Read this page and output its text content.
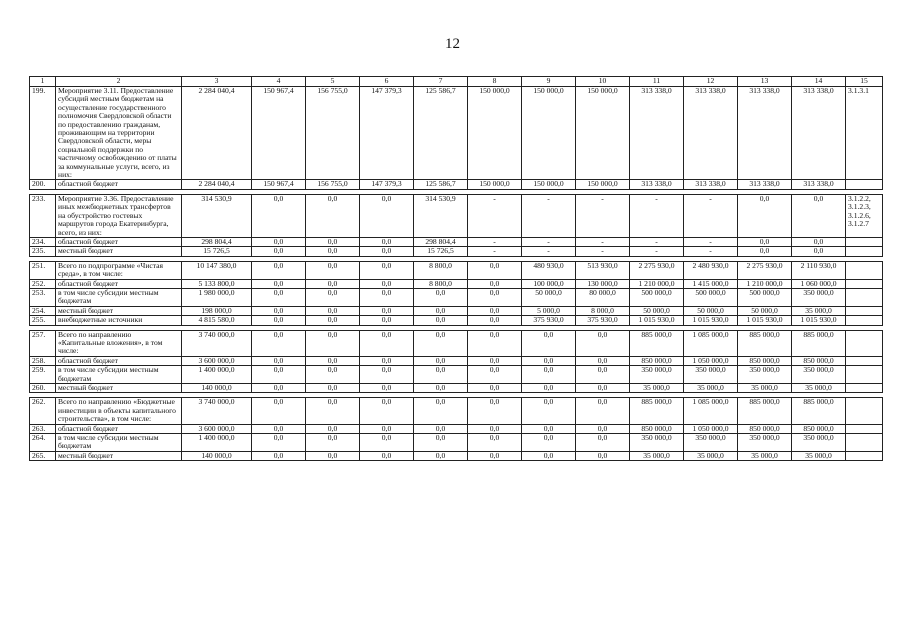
12
1	2	3	4	5	6	7	8	9	10	11	12	13	14	15
199.	Мероприятие 3.11. Предоставление субсидий местным бюджетам на осуществление государственного полномочия Свердловской области по предоставлению гражданам, проживающим на территории Свердловской области, меры социальной поддержки по частичному освобождению от платы за коммунальные услуги, всего, из них:	2 284 040,4	150 967,4	156 755,0	147 379,3	125 586,7	150 000,0	150 000,0	150 000,0	313 338,0	313 338,0	313 338,0	313 338,0	3.1.3.1
200.	областной бюджет	2 284 040,4	150 967,4	156 755,0	147 379,3	125 586,7	150 000,0	150 000,0	150 000,0	313 338,0	313 338,0	313 338,0	313 338,0	

233.	Мероприятие 3.36. Предоставление иных межбюджетных трансфертов на обустройство гостевых маршрутов города Екатеринбурга, всего, из них:	314 530,9	0,0	0,0	0,0	314 530,9	-	-	-	-	-	0,0	0,0	3.1.2.2, 3.1.2.3, 3.1.2.6, 3.1.2.7
234.	областной бюджет	298 804,4	0,0	0,0	0,0	298 804,4	-	-	-	-	-	0,0	0,0	
235.	местный бюджет	15 726,5	0,0	0,0	0,0	15 726,5	-	-	-	-	-	0,0	0,0	

251.	Всего по подпрограмме «Чистая среда», в том числе:	10 147 380,0	0,0	0,0	0,0	8 800,0	0,0	480 930,0	513 930,0	2 275 930,0	2 480 930,0	2 275 930,0	2 110 930,0	
252.	областной бюджет	5 133 800,0	0,0	0,0	0,0	8 800,0	0,0	100 000,0	130 000,0	1 210 000,0	1 415 000,0	1 210 000,0	1 060 000,0	
253.	в том числе субсидии местным бюджетам	1 980 000,0	0,0	0,0	0,0	0,0	0,0	50 000,0	80 000,0	500 000,0	500 000,0	500 000,0	350 000,0	
254.	местный бюджет	198 000,0	0,0	0,0	0,0	0,0	0,0	5 000,0	8 000,0	50 000,0	50 000,0	50 000,0	35 000,0	
255.	внебюджетные источники	4 815 580,0	0,0	0,0	0,0	0,0	0,0	375 930,0	375 930,0	1 015 930,0	1 015 930,0	1 015 930,0	1 015 930,0	

257.	Всего по направлению «Капитальные вложения», в том числе:	3 740 000,0	0,0	0,0	0,0	0,0	0,0	0,0	0,0	885 000,0	1 085 000,0	885 000,0	885 000,0	
258.	областной бюджет	3 600 000,0	0,0	0,0	0,0	0,0	0,0	0,0	0,0	850 000,0	1 050 000,0	850 000,0	850 000,0	
259.	в том числе субсидии местным бюджетам	1 400 000,0	0,0	0,0	0,0	0,0	0,0	0,0	0,0	350 000,0	350 000,0	350 000,0	350 000,0	
260.	местный бюджет	140 000,0	0,0	0,0	0,0	0,0	0,0	0,0	0,0	35 000,0	35 000,0	35 000,0	35 000,0	

262.	Всего по направлению «Бюджетные инвестиции в объекты капитального строительства», в том числе:	3 740 000,0	0,0	0,0	0,0	0,0	0,0	0,0	0,0	885 000,0	1 085 000,0	885 000,0	885 000,0	
263.	областной бюджет	3 600 000,0	0,0	0,0	0,0	0,0	0,0	0,0	0,0	850 000,0	1 050 000,0	850 000,0	850 000,0	
264.	в том числе субсидии местным бюджетам	1 400 000,0	0,0	0,0	0,0	0,0	0,0	0,0	0,0	350 000,0	350 000,0	350 000,0	350 000,0	
265.	местный бюджет	140 000,0	0,0	0,0	0,0	0,0	0,0	0,0	0,0	35 000,0	35 000,0	35 000,0	35 000,0	
